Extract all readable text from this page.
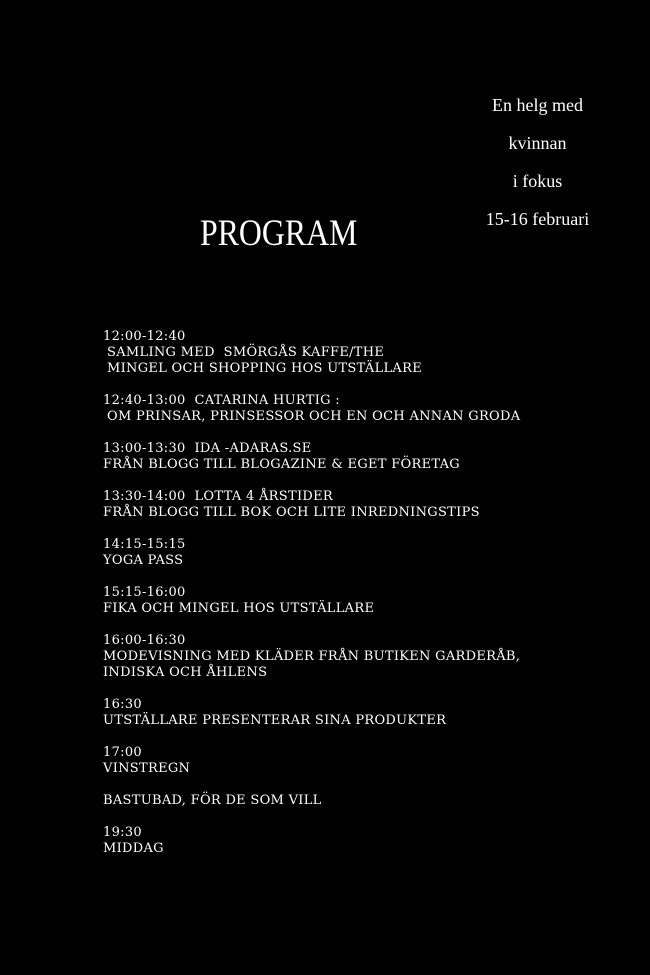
En helg med
kvinnan
i fokus
15-16 februari
PROGRAM
12:00-12:40
SAMLING MED  SMÖRGÅS KAFFE/THE
MINGEL OCH SHOPPING HOS UTSTÄLLARE
12:40-13:00 CATARINA HURTIG :
OM PRINSAR, PRINSESSOR OCH EN OCH ANNAN GRODA
13:00-13:30 IDA -ADARAS.SE
FRÅN BLOGG TILL BLOGAZINE & EGET FÖRETAG
13:30-14:00 LOTTA 4 ÅRSTIDER
FRÅN BLOGG TILL BOK OCH LITE INREDNINGSTIPS
14:15-15:15
YOGA PASS
15:15-16:00
FIKA OCH MINGEL HOS UTSTÄLLARE
16:00-16:30
MODEVISNING MED KLÄDER FRÅN BUTIKEN GARDERÅB,
INDISKA OCH ÅHLENS
16:30
UTSTÄLLARE PRESENTERAR SINA PRODUKTER
17:00
VINSTREGN
BASTUBAD, FÖR DE SOM VILL
19:30
MIDDAG
